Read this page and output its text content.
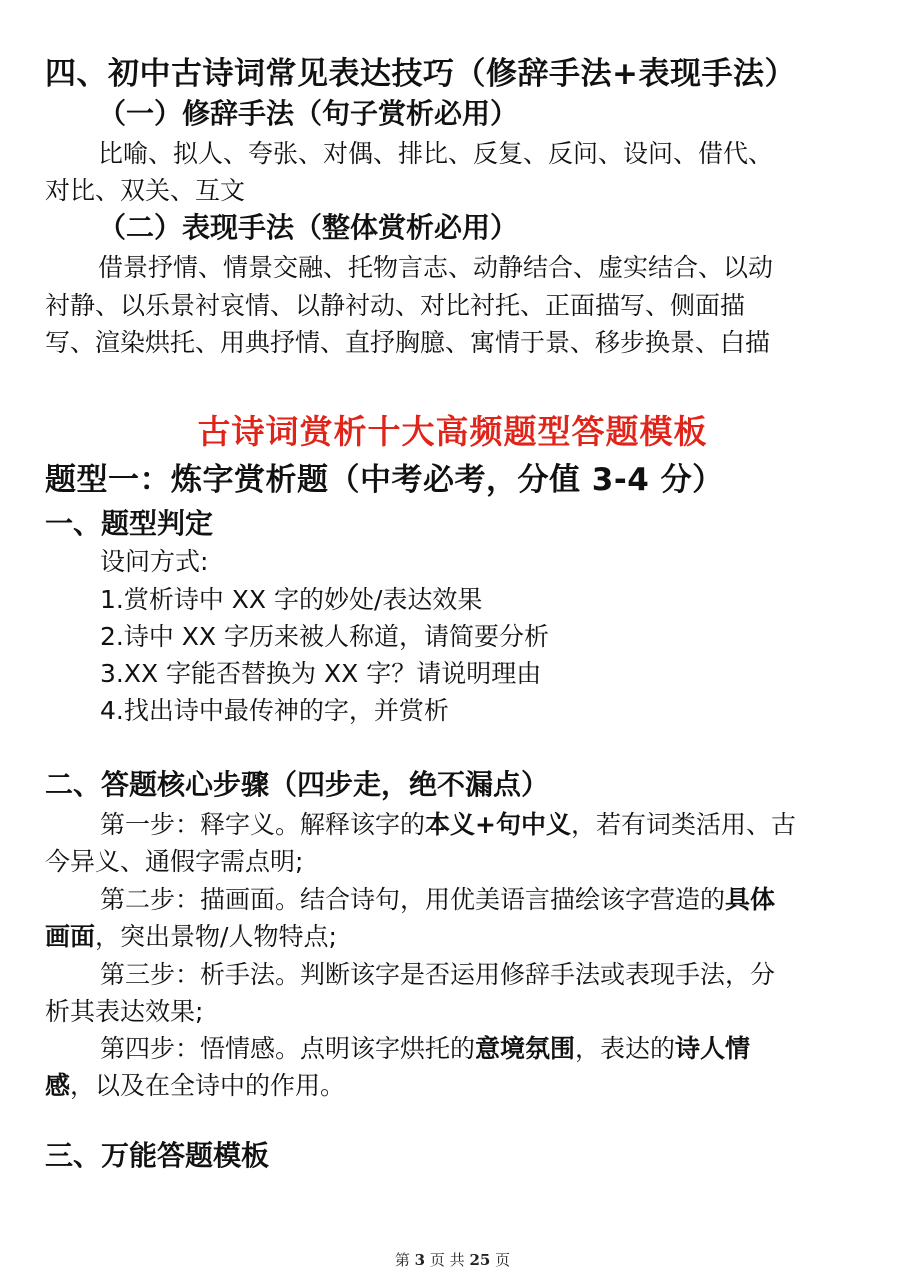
四、初中古诗词常见表达技巧（修辞手法+表现手法）
（一）修辞手法（句子赏析必用）
比喻、拟人、夸张、对偶、排比、反复、反问、设问、借代、
对比、双关、互文
（二）表现手法（整体赏析必用）
借景抒情、情景交融、托物言志、动静结合、虚实结合、以动
衬静、以乐景衬哀情、以静衬动、对比衬托、正面描写、侧面描
写、渲染烘托、用典抒情、直抒胸臆、寓情于景、移步换景、白描
古诗词赏析十大高频题型答题模板
题型一：炼字赏析题（中考必考，分值 3-4 分）
一、题型判定
设问方式:
1.赏析诗中 XX 字的妙处/表达效果
2.诗中 XX 字历来被人称道，请简要分析
3.XX 字能否替换为 XX 字？请说明理由
4.找出诗中最传神的字，并赏析
二、答题核心步骤（四步走，绝不漏点）
第一步：释字义。解释该字的本义+句中义，若有词类活用、古
今异义、通假字需点明;
第二步：描画面。结合诗句，用优美语言描绘该字营造的具体
画面，突出景物/人物特点;
第三步：析手法。判断该字是否运用修辞手法或表现手法，分
析其表达效果;
第四步：悟情感。点明该字烘托的意境氛围，表达的诗人情
感，以及在全诗中的作用。
三、万能答题模板
第 3 页 共 25 页
